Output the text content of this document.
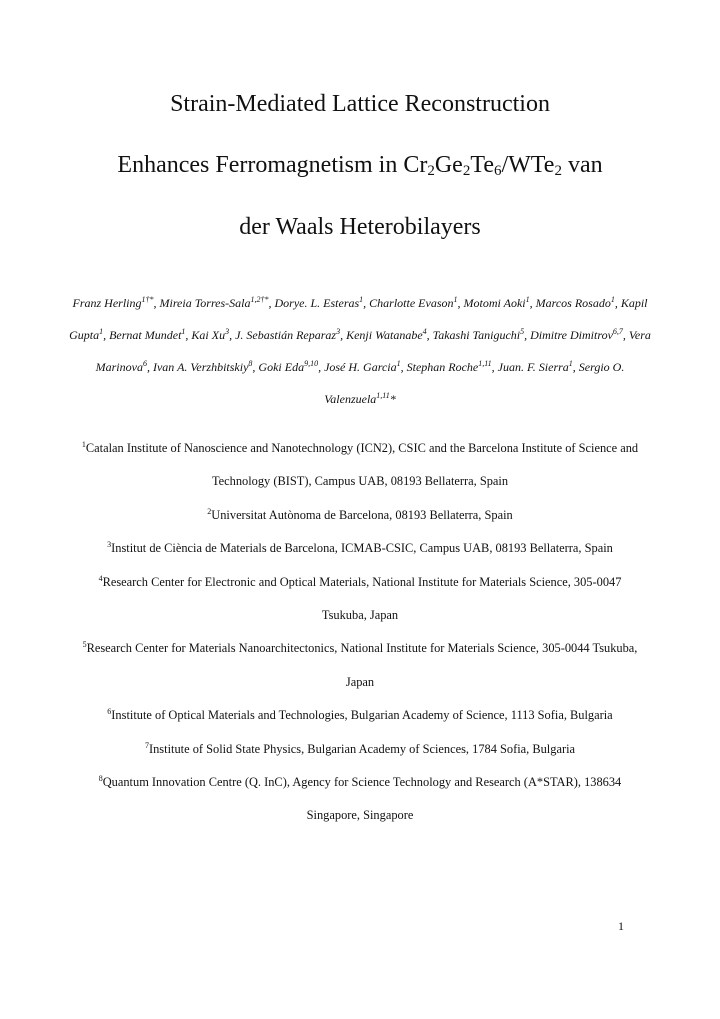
Strain-Mediated Lattice Reconstruction
Enhances Ferromagnetism in $Cr_2Ge_2Te_6/WTe_2$ van
der Waals Heterobilayers
Franz Herling$^{1\dagger*}$, Mireia Torres-Sala$^{1,2\dagger*}$, Dorye. L. Esteras$^1$, Charlotte Evason$^1$, Motomi Aoki$^1$, Marcos Rosado$^1$, Kapil Gupta$^1$, Bernat Mundet$^1$, Kai Xu$^3$, J. Sebastián Reparaz$^3$, Kenji Watanabe$^4$, Takashi Taniguchi$^5$, Dimitre Dimitrov$^{6,7}$, Vera Marinova$^6$, Ivan A. Verzhbitskiy$^8$, Goki Eda$^{9,10}$, José H. Garcia$^1$, Stephan Roche$^{1,11}$, Juan. F. Sierra$^1$, Sergio O. Valenzuela$^{1,11}$*
$^1$Catalan Institute of Nanoscience and Nanotechnology (ICN2), CSIC and the Barcelona Institute of Science and Technology (BIST), Campus UAB, 08193 Bellaterra, Spain
$^2$Universitat Autònoma de Barcelona, 08193 Bellaterra, Spain
$^3$Institut de Ciència de Materials de Barcelona, ICMAB-CSIC, Campus UAB, 08193 Bellaterra, Spain
$^4$Research Center for Electronic and Optical Materials, National Institute for Materials Science, 305-0047 Tsukuba, Japan
$^5$Research Center for Materials Nanoarchitectonics, National Institute for Materials Science, 305-0044 Tsukuba, Japan
$^6$Institute of Optical Materials and Technologies, Bulgarian Academy of Science, 1113 Sofia, Bulgaria
$^7$Institute of Solid State Physics, Bulgarian Academy of Sciences, 1784 Sofia, Bulgaria
$^8$Quantum Innovation Centre (Q. InC), Agency for Science Technology and Research (A*STAR), 138634 Singapore, Singapore
1
